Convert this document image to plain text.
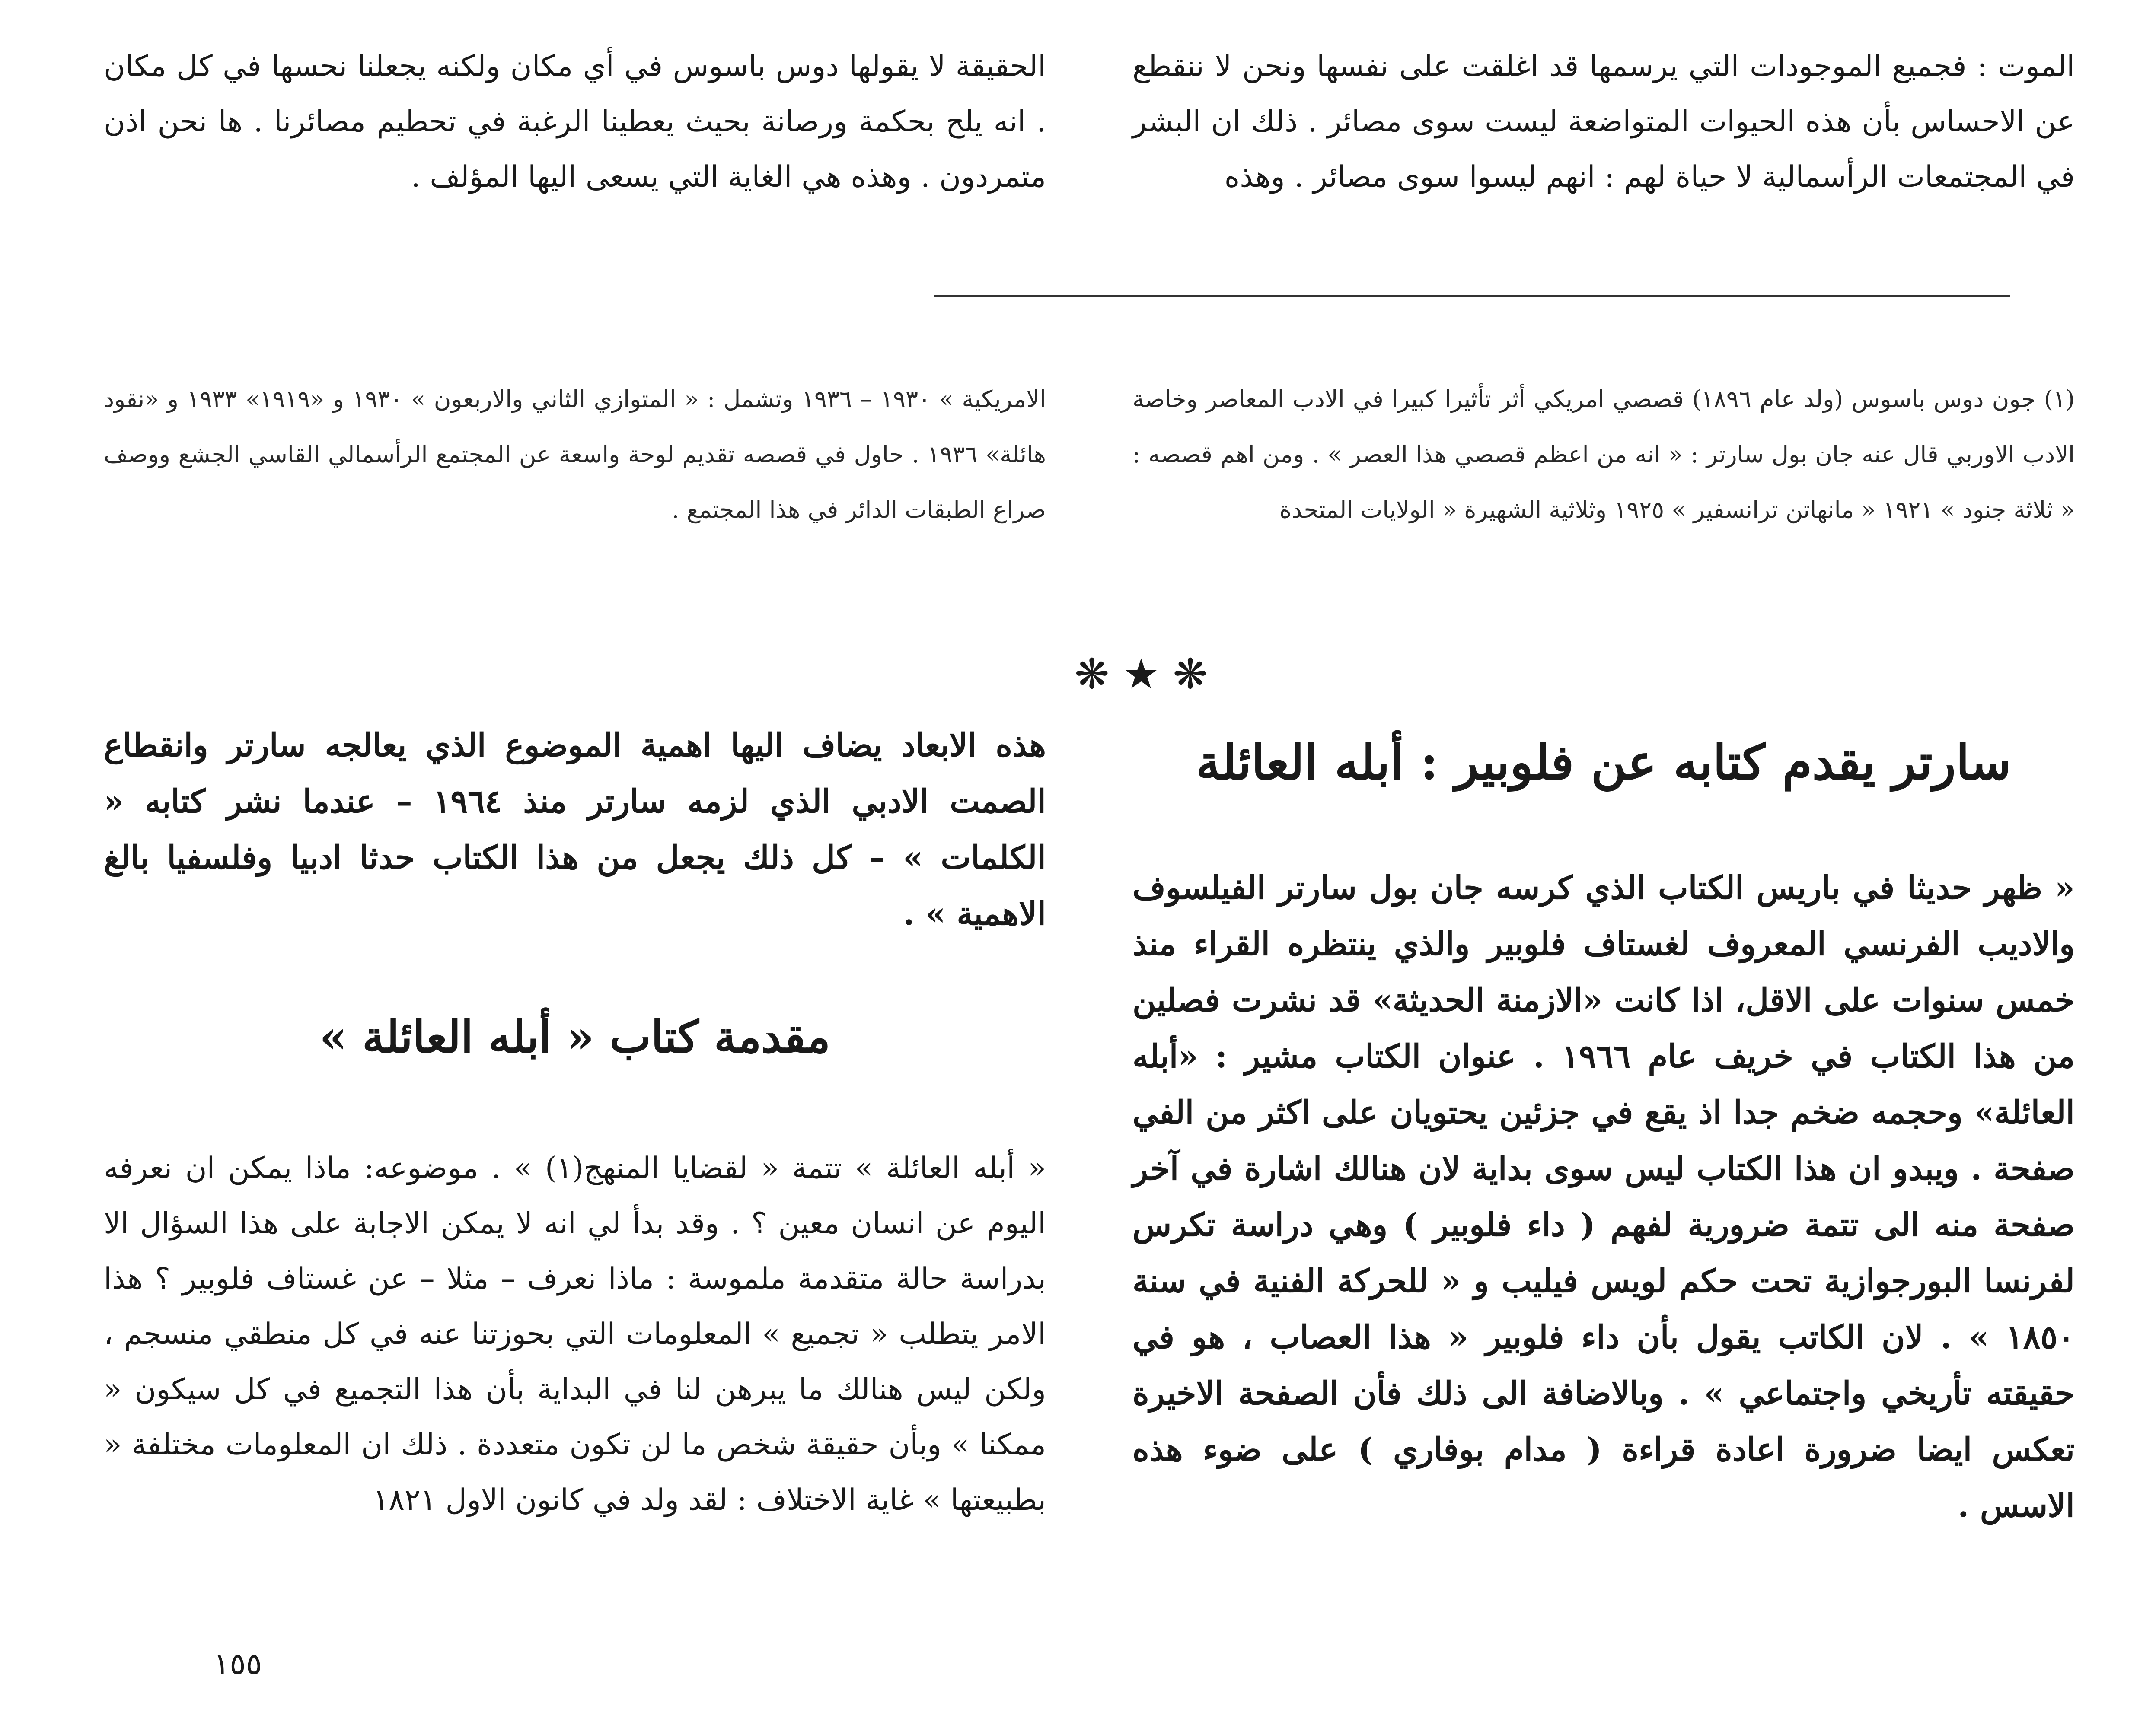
الموت : فجميع الموجودات التي يرسمها قد اغلقت على نفسها ونحن لا ننقطع عن الاحساس بأن هذه الحيوات المتواضعة ليست سوى مصائر . ذلك ان البشر في المجتمعات الرأسمالية لا حياة لهم : انهم ليسوا سوى مصائر . وهذه

الحقيقة لا يقولها دوس باسوس في أي مكان ولكنه يجعلنا نحسها في كل مكان . انه يلح بحكمة ورصانة بحيث يعطينا الرغبة في تحطيم مصائرنا . ها نحن اذن متمردون . وهذه هي الغاية التي يسعى اليها المؤلف .

(١) جون دوس باسوس (ولد عام ١٨٩٦) قصصي امريكي أثر تأثيرا كبيرا في الادب المعاصر وخاصة الادب الاوربي قال عنه جان بول سارتر : « انه من اعظم قصصي هذا العصر » . ومن اهم قصصه : « ثلاثة جنود » ١٩٢١ « مانهاتن ترانسفير » ١٩٢٥ وثلاثية الشهيرة « الولايات المتحدة

الامريكية » ١٩٣٠ – ١٩٣٦ وتشمل : « المتوازي الثاني والاربعون » ١٩٣٠ و «١٩١٩» ١٩٣٣ و «نقود هائلة» ١٩٣٦ . حاول في قصصه تقديم لوحة واسعة عن المجتمع الرأسمالي القاسي الجشع ووصف صراع الطبقات الدائر في هذا المجتمع .

❋ ★ ❋
سارتر يقدم كتابه عن فلوبير : أبله العائلة

« ظهر حديثا في باريس الكتاب الذي كرسه جان بول سارتر الفيلسوف والاديب الفرنسي المعروف لغستاف فلوبير والذي ينتظره القراء منذ خمس سنوات على الاقل، اذا كانت «الازمنة الحديثة» قد نشرت فصلين من هذا الكتاب في خريف عام ١٩٦٦ . عنوان الكتاب مشير : «أبله العائلة» وحجمه ضخم جدا اذ يقع في جزئين يحتويان على اكثر من الفي صفحة . ويبدو ان هذا الكتاب ليس سوى بداية لان هنالك اشارة في آخر صفحة منه الى تتمة ضرورية لفهم ( داء فلوبير ) وهي دراسة تكرس لفرنسا البورجوازية تحت حكم لويس فيليب و « للحركة الفنية في سنة ١٨٥٠ » . لان الكاتب يقول بأن داء فلوبير « هذا العصاب ، هو في حقيقته تأريخي واجتماعي » . وبالاضافة الى ذلك فأن الصفحة الاخيرة تعكس ايضا ضرورة اعادة قراءة ( مدام بوفاري ) على ضوء هذه الاسس .

هذه الابعاد يضاف اليها اهمية الموضوع الذي يعالجه سارتر وانقطاع الصمت الادبي الذي لزمه سارتر منذ ١٩٦٤ – عندما نشر كتابه « الكلمات » – كل ذلك يجعل من هذا الكتاب حدثا ادبيا وفلسفيا بالغ الاهمية » .

مقدمة كتاب « أبله العائلة »

« أبله العائلة » تتمة « لقضايا المنهج(١) » . موضوعه: ماذا يمكن ان نعرفه اليوم عن انسان معين ؟ . وقد بدأ لي انه لا يمكن الاجابة على هذا السؤال الا بدراسة حالة متقدمة ملموسة : ماذا نعرف – مثلا – عن غستاف فلوبير ؟ هذا الامر يتطلب « تجميع » المعلومات التي بحوزتنا عنه في كل منطقي منسجم ، ولكن ليس هنالك ما يبرهن لنا في البداية بأن هذا التجميع في كل سيكون « ممكنا » وبأن حقيقة شخص ما لن تكون متعددة . ذلك ان المعلومات مختلفة « بطبيعتها » غاية الاختلاف : لقد ولد في كانون الاول ١٨٢١

١٥٥
